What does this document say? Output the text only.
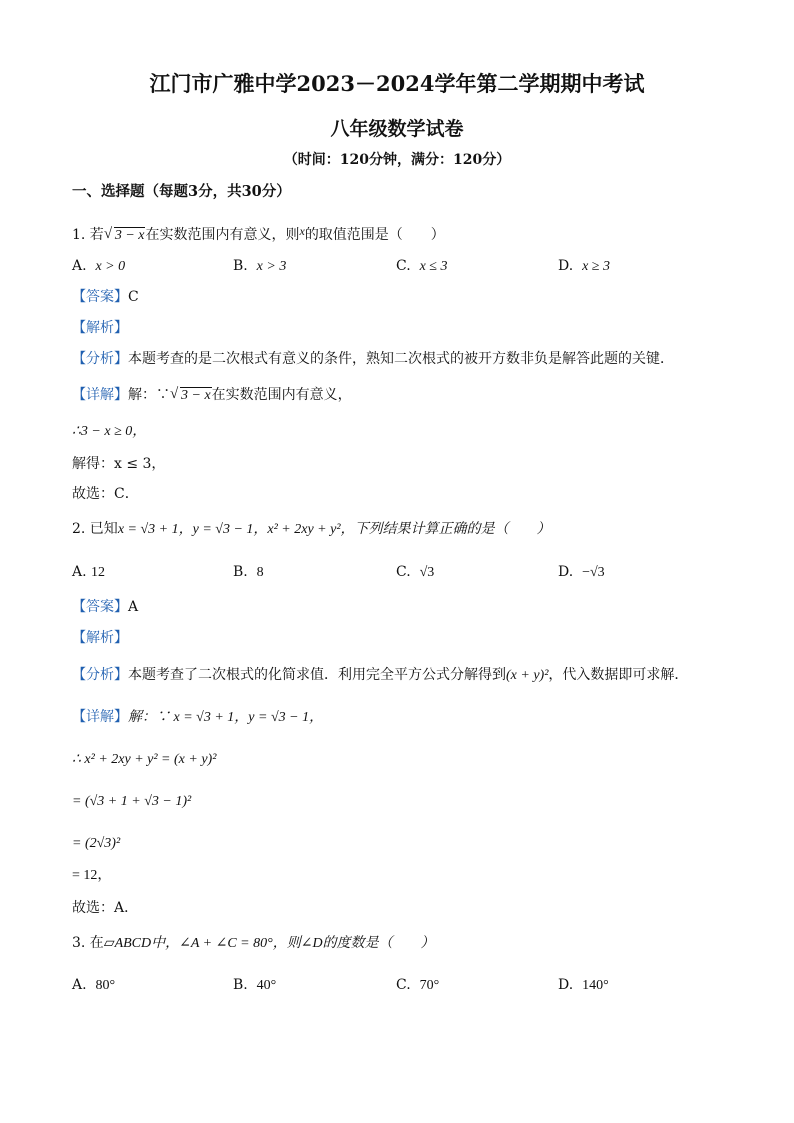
江门市广雅中学2023－2024学年第二学期期中考试
八年级数学试卷
（时间：120分钟，满分：120分）
一、选择题（每题3分，共30分）
1. 若 √ 3 − x在实数范围内有意义，则x的取值范围是（　　）
A. x > 0	B. x > 3	C. x ≤ 3	D. x ≥ 3
【答案】C
【解析】
【分析】本题考查的是二次根式有意义的条件，熟知二次根式的被开方数非负是解答此题的关键．
【详解】解：∵ √ 3 − x在实数范围内有意义，
∴3 − x ≥ 0，
解得：x ≤ 3，
故选：C．
2. 已知x = √3 + 1，y = √3 − 1，x² + 2xy + y²，下列结果计算正确的是（　　）
A. 12	B. 8	C. √3	D. −√3
【答案】A
【解析】
【分析】本题考查了二次根式的化简求值．利用完全平方公式分解得到(x + y)²，代入数据即可求解．
【详解】解：∵ x = √3 + 1，y = √3 − 1，
∴ x² + 2xy + y² = (x + y)²
= (√3 + 1 + √3 − 1)²
= (2√3)²
= 12，
故选：A．
3. 在▱ABCD中，∠A + ∠C = 80°，则∠D的度数是（　　）
A. 80°	B. 40°	C. 70°	D. 140°
